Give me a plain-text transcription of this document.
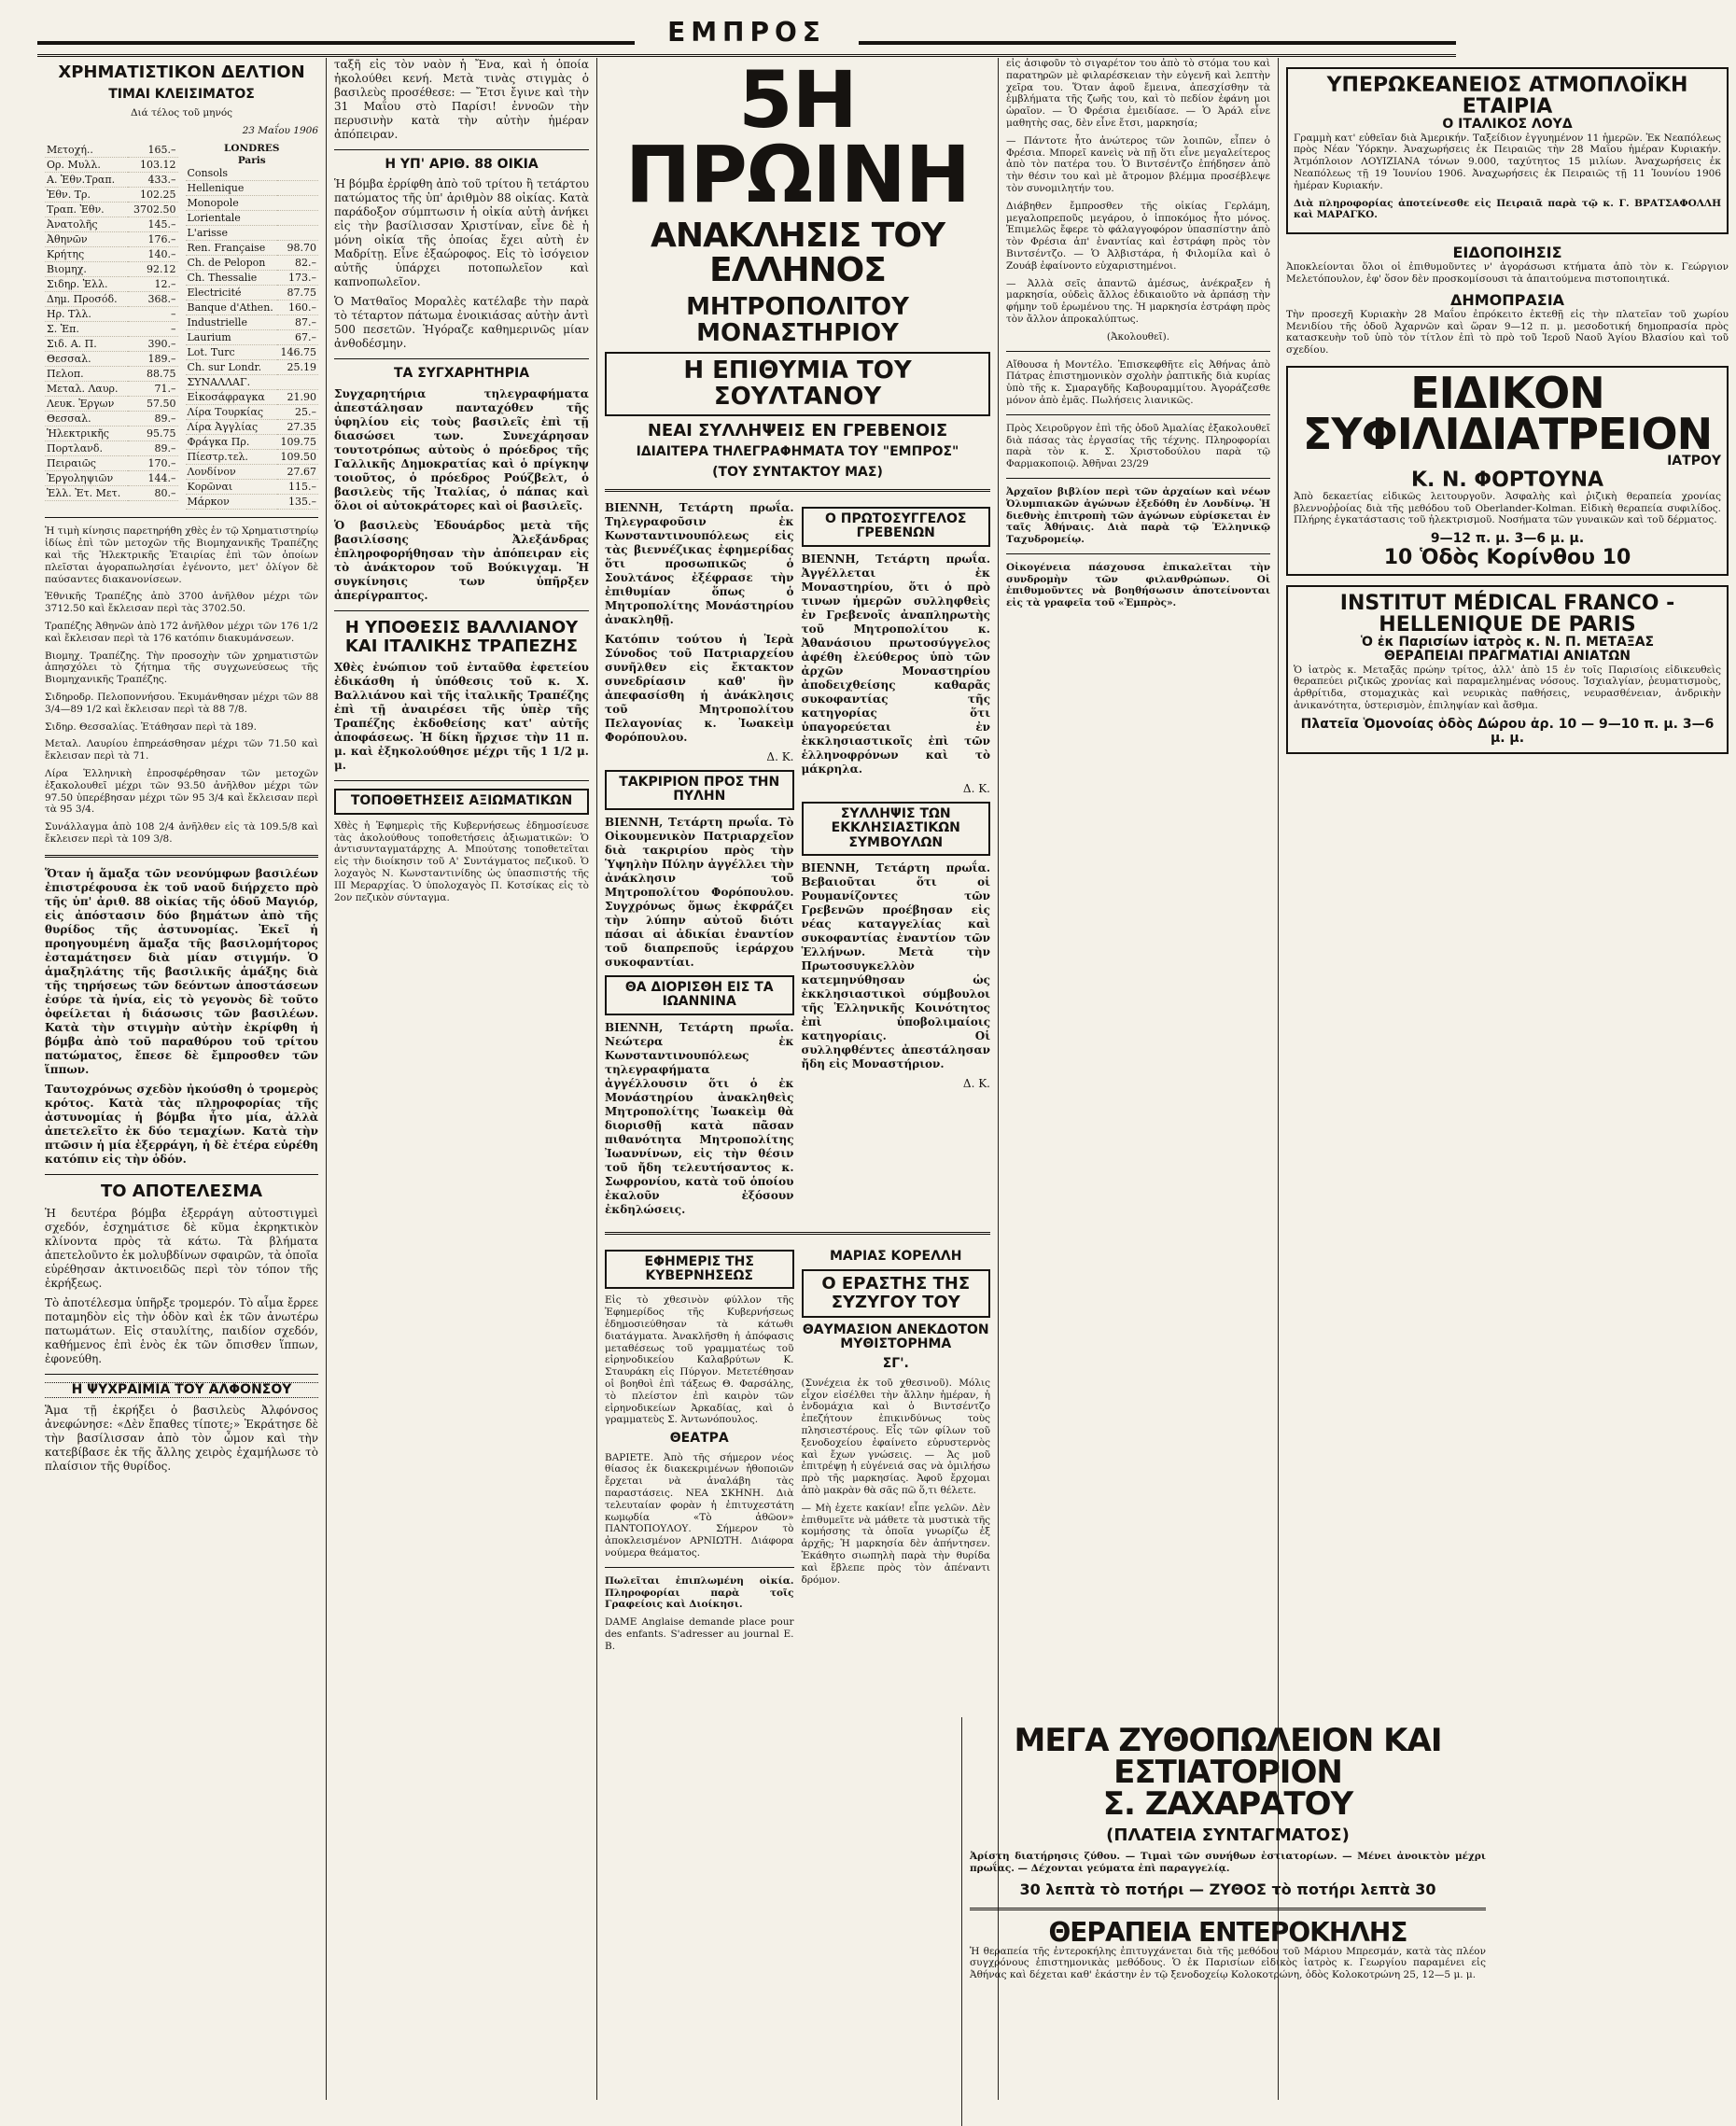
ΕΜΠΡΟΣ
ΧΡΗΜΑΤΙΣΤΙΚΟΝ ΔΕΛΤΙΟΝ
ΤΙΜΑΙ ΚΛΕΙΣΙΜΑΤΟΣ

Διά τέλος τοῦ μηνός

23 Μαΐου 1906

Μετοχή..	165.–
Ορ. Μυλλ.	103.12
Α. Ἐθν.Τραπ.	433.–
Ἐθν. Τρ.	102.25
Τραπ. Ἐθν.	3702.50
Ἀνατολῆς	145.–
Ἀθηνῶν	176.–
Κρήτης	140.–
Βιομηχ.	92.12
Σιδηρ. Ἑλλ.	12.–
Δημ. Προσόδ.	368.–
Ηρ. Τλλ.	–
Σ. Ἐπ.	–
Σιδ. Α. Π.	390.–
Θεσσαλ.	189.–
Πελοπ.	88.75
Μεταλ. Λαυρ.	71.–
Λευκ. Ἐργων	57.50
Θεσσαλ.	89.–
Ἡλεκτρικῆς	95.75
Πορτλανδ.	89.–
Πειραιῶς	170.–
Ἐργοληψιῶν	144.–
Ἑλλ. Ἐτ. Μετ.	80.–
LONDRES
Paris
Consols	
Hellenique	
Monopole	
Lorientale	
L'arisse	
Ren. Française	98.70
Ch. de Pelopon	82.–
Ch. Thessalie	173.–
Electricité	87.75
Banque d'Athen.	160.–
Industrielle	87.–
Laurium	67.–
Lot. Turc	146.75
Ch. sur Londr.	25.19
ΣΥΝΑΛΛΑΓ.	
Εἰκοσάφραγκα	21.90
Λίρα Τουρκίας	25.–
Λίρα Ἀγγλίας	27.35
Φράγκα Πρ.	109.75
Πίεστρ.τελ.	109.50
Λονδίνον	27.67
Κορῶναι	115.–
Μάρκον	135.–

Ἡ τιμὴ κίνησις παρετηρήθη χθὲς ἐν τῷ Χρηματιστηρίῳ ἰδίως ἐπὶ τῶν μετοχῶν τῆς Βιομηχανικῆς Τραπέζης καὶ τῆς Ἡλεκτρικῆς Ἑταιρίας ἐπὶ τῶν ὁποίων πλεῖσται ἀγοραπωλησίαι ἐγένοντο, μετ' ὀλίγον δὲ παύσαντες διακανονίσεων.

Ἐθνικῆς Τραπέζης ἀπὸ 3700 ἀνῆλθον μέχρι τῶν 3712.50 καὶ ἔκλεισαν περὶ τὰς 3702.50.

Τραπέζης Ἀθηνῶν ἀπὸ 172 ἀνῆλθον μέχρι τῶν 176 1/2 καὶ ἔκλεισαν περὶ τὰ 176 κατόπιν διακυμάνσεων.

Βιομηχ. Τραπέζης. Τὴν προσοχὴν τῶν χρηματιστῶν ἀπησχόλει τὸ ζήτημα τῆς συγχωνεύσεως τῆς Βιομηχανικῆς Τραπέζης.

Σιδηροδρ. Πελοποννήσου. Ἐκυμάνθησαν μέχρι τῶν 88 3/4—89 1/2 καὶ ἔκλεισαν περὶ τὰ 88 7/8.

Σιδηρ. Θεσσαλίας. Ἐτάθησαν περὶ τὰ 189.

Μεταλ. Λαυρίου ἐπηρεάσθησαν μέχρι τῶν 71.50 καὶ ἔκλεισαν περὶ τὰ 71.

Λίρα Ἑλληνικὴ ἐπροσφέρθησαν τῶν μετοχῶν ἐξακολουθεῖ μέχρι τῶν 93.50 ἀνῆλθον μέχρι τῶν 97.50 ὑπερέβησαν μέχρι τῶν 95 3/4 καὶ ἔκλεισαν περὶ τὰ 95 3/4.

Συνάλλαγμα ἀπὸ 108 2/4 ἀνῆλθεν εἰς τὰ 109.5/8 καὶ ἔκλεισεν περὶ τὰ 109 3/8.

Ὅταν ἡ ἅμαξα τῶν νεονύμφων βασιλέων ἐπιστρέφουσα ἐκ τοῦ ναοῦ διήρχετο πρὸ τῆς ὑπ' ἀριθ. 88 οἰκίας τῆς ὁδοῦ Μαγιόρ, εἰς ἀπόστασιν δύο βημάτων ἀπὸ τῆς θυρίδος τῆς ἀστυνομίας. Ἐκεῖ ἡ προηγουμένη ἅμαξα τῆς βασιλομήτορος ἐσταμάτησεν διὰ μίαν στιγμήν. Ὁ ἁμαξηλάτης τῆς βασιλικῆς ἁμάξης διὰ τῆς τηρήσεως τῶν δεόντων ἀποστάσεων ἐσύρε τὰ ἡνία, εἰς τὸ γεγονὸς δὲ τοῦτο ὀφείλεται ἡ διάσωσις τῶν βασιλέων. Κατὰ τὴν στιγμὴν αὐτὴν ἐκρίφθη ἡ βόμβα ἀπὸ τοῦ παραθύρου τοῦ τρίτου πατώματος, ἔπεσε δὲ ἔμπροσθεν τῶν ἵππων.

Ταυτοχρόνως σχεδὸν ἠκούσθη ὁ τρομερὸς κρότος. Κατὰ τὰς πληροφορίας τῆς ἀστυνομίας ἡ βόμβα ἦτο μία, ἀλλὰ ἀπετελεῖτο ἐκ δύο τεμαχίων. Κατὰ τὴν πτῶσιν ἡ μία ἐξερράγη, ἡ δὲ ἑτέρα εὑρέθη κατόπιν εἰς τὴν ὁδόν.

ΤΟ ΑΠΟΤΕΛΕΣΜΑ

Ἡ δευτέρα βόμβα ἐξερράγη αὐτοστιγμεὶ σχεδόν, ἐσχημάτισε δὲ κῦμα ἐκρηκτικὸν κλίνοντα πρὸς τὰ κάτω. Τὰ βλήματα ἀπετελοῦντο ἐκ μολυβδίνων σφαιρῶν, τὰ ὁποῖα εὑρέθησαν ἀκτινοειδῶς περὶ τὸν τόπον τῆς ἐκρήξεως.

Τὸ ἀποτέλεσμα ὑπῆρξε τρομερόν. Τὸ αἷμα ἔρρεε ποταμηδὸν εἰς τὴν ὁδὸν καὶ ἐκ τῶν ἀνωτέρω πατωμάτων. Εἰς σταυλίτης, παιδίον σχεδόν, καθήμενος ἐπὶ ἑνὸς ἐκ τῶν ὄπισθεν ἵππων, ἐφονεύθη.

Η ΨΥΧΡΑΙΜΙΑ ΤΟΥ ΑΛΦΟΝΣΟΥ

Ἅμα τῇ ἐκρήξει ὁ βασιλεὺς Ἀλφόνσος ἀνεφώνησε: «Δὲν ἔπαθες τίποτε;» Ἐκράτησε δὲ τὴν βασίλισσαν ἀπὸ τὸν ὦμον καὶ τὴν κατεβίβασε ἐκ τῆς ἄλλης χειρὸς ἐχαμήλωσε τὸ πλαίσιον τῆς θυρίδος.

ταξῆ εἰς τὸν ναὸν ἡ Ἔνα, καὶ ἡ ὁποία ἠκολούθει κενή. Μετὰ τινὰς στιγμὰς ὁ βασιλεὺς προσέθεσε: — Ἔτσι ἔγινε καὶ τὴν 31 Μαΐου στὸ Παρίσι! ἐννοῶν τὴν περυσινὴν κατὰ τὴν αὐτὴν ἡμέραν ἀπόπειραν.

Η ΥΠ' ΑΡΙΘ. 88 ΟΙΚΙΑ

Ἡ βόμβα ἐρρίφθη ἀπὸ τοῦ τρίτου ἢ τετάρτου πατώματος τῆς ὑπ' ἀριθμὸν 88 οἰκίας. Κατὰ παράδοξον σύμπτωσιν ἡ οἰκία αὐτὴ ἀνήκει εἰς τὴν βασίλισσαν Χριστίναν, εἶνε δὲ ἡ μόνη οἰκία τῆς ὁποίας ἔχει αὐτὴ ἐν Μαδρίτῃ. Εἶνε ἐξαώροφος. Εἰς τὸ ἰσόγειον αὐτῆς ὑπάρχει ποτοπωλεῖον καὶ καπνοπωλεῖον.

Ὁ Ματθαῖος Μοραλὲς κατέλαβε τὴν παρὰ τὸ τέταρτον πάτωμα ἐνοικιάσας αὐτὴν ἀντὶ 500 πεσετῶν. Ἡγόραζε καθημερινῶς μίαν ἀνθοδέσμην.

ΤΑ ΣΥΓΧΑΡΗΤΗΡΙΑ

Συγχαρητήρια τηλεγραφήματα ἀπεστάλησαν πανταχόθεν τῆς ὑφηλίου εἰς τοὺς βασιλεῖς ἐπὶ τῇ διασώσει των. Συνεχάρησαν τουτοτρόπως αὐτοὺς ὁ πρόεδρος τῆς Γαλλικῆς Δημοκρατίας καὶ ὁ πρίγκηψ τοιοῦτος, ὁ πρόεδρος Ρούζβελτ, ὁ βασιλεὺς τῆς Ἰταλίας, ὁ πάπας καὶ ὅλοι οἱ αὐτοκράτορες καὶ οἱ βασιλεῖς.

Ὁ βασιλεὺς Ἐδουάρδος μετὰ τῆς βασιλίσσης Ἀλεξάνδρας ἐπληροφορήθησαν τὴν ἀπόπειραν εἰς τὸ ἀνάκτορον τοῦ Βούκιγχαμ. Ἡ συγκίνησις των ὑπῆρξεν ἀπερίγραπτος.

Η ΥΠΟΘΕΣΙΣ ΒΑΛΛΙΑΝΟΥ ΚΑΙ ΙΤΑΛΙΚΗΣ ΤΡΑΠΕΖΗΣ

Χθὲς ἐνώπιον τοῦ ἐνταῦθα ἐφετείου ἐδικάσθη ἡ ὑπόθεσις τοῦ κ. Χ. Βαλλιάνου καὶ τῆς ἰταλικῆς Τραπέζης ἐπὶ τῇ ἀναιρέσει τῆς ὑπὲρ τῆς Τραπέζης ἐκδοθείσης κατ' αὐτῆς ἀποφάσεως. Ἡ δίκη ἤρχισε τὴν 11 π. μ. καὶ ἐξηκολούθησε μέχρι τῆς 1 1/2 μ. μ.

ΤΟΠΟΘΕΤΗΣΕΙΣ ΑΞΙΩΜΑΤΙΚΩΝ

Χθὲς ἡ Ἐφημερὶς τῆς Κυβερνήσεως ἐδημοσίευσε τὰς ἀκολούθους τοποθετήσεις ἀξιωματικῶν: Ὁ ἀντισυνταγματάρχης Α. Μπούτσης τοποθετεῖται εἰς τὴν διοίκησιν τοῦ Α' Συντάγματος πεζικοῦ. Ὁ λοχαγὸς Ν. Κωνσταντινίδης ὡς ὑπασπιστής τῆς ΙΙΙ Μεραρχίας. Ὁ ὑπολοχαγὸς Π. Κοτσίκας εἰς τὸ 2ον πεζικὸν σύνταγμα.

5Η ΠΡΩΙΝΗ
ΑΝΑΚΛΗΣΙΣ ΤΟΥ ΕΛΛΗΝΟΣ
ΜΗΤΡΟΠΟΛΙΤΟΥ ΜΟΝΑΣΤΗΡΙΟΥ
Η ΕΠΙΘΥΜΙΑ ΤΟΥ ΣΟΥΛΤΑΝΟΥ
ΝΕΑΙ ΣΥΛΛΗΨΕΙΣ ΕΝ ΓΡΕΒΕΝΟΙΣ
ΙΔΙΑΙΤΕΡΑ ΤΗΛΕΓΡΑΦΗΜΑΤΑ ΤΟΥ "ΕΜΠΡΟΣ"
(ΤΟΥ ΣΥΝΤΑΚΤΟΥ ΜΑΣ)

ΒΙΕΝΝΗ, Τετάρτη πρωΐα. Τηλεγραφοῦσιν ἐκ Κωνσταντινουπόλεως εἰς τὰς βιεννέζικας ἐφημερίδας ὅτι προσωπικῶς ὁ Σουλτάνος ἐξέφρασε τὴν ἐπιθυμίαν ὅπως ὁ Μητροπολίτης Μονάστηρίου ἀνακληθῇ.

Κατόπιν τούτου ἡ Ἱερὰ Σύνοδος τοῦ Πατριαρχείου συνῆλθεν εἰς ἔκτακτον συνεδρίασιν καθ' ἣν ἀπεφασίσθη ἡ ἀνάκλησις τοῦ Μητροπολίτου Πελαγονίας κ. Ἰωακεὶμ Φορόπουλου.

Δ. Κ.

ΤΑΚΡΙΡΙΟΝ ΠΡΟΣ ΤΗΝ ΠΥΛΗΝ

ΒΙΕΝΝΗ, Τετάρτη πρωΐα. Τὸ Οἰκουμενικὸν Πατριαρχεῖον διὰ τακριρίου πρὸς τὴν Ὑψηλὴν Πύλην ἀγγέλλει τὴν ἀνάκλησιν τοῦ Μητροπολίτου Φορόπουλου. Συγχρόνως ὅμως ἐκφράζει τὴν λύπην αὐτοῦ διότι πάσαι αἱ ἀδικίαι ἐναντίον τοῦ διαπρεποῦς ἱεράρχου συκοφαντίαι.

ΘΑ ΔΙΟΡΙΣΘΗ ΕΙΣ ΤΑ ΙΩΑΝΝΙΝΑ

ΒΙΕΝΝΗ, Τετάρτη πρωΐα. Νεώτερα ἐκ Κωνσταντινουπόλεως τηλεγραφήματα ἀγγέλλουσιν ὅτι ὁ ἐκ Μονάστηρίου ἀνακληθεὶς Μητροπολίτης Ἰωακεὶμ θὰ διορισθῇ κατὰ πᾶσαν πιθανότητα Μητροπολίτης Ἰωαννίνων, εἰς τὴν θέσιν τοῦ ἤδη τελευτήσαντος κ. Σωφρονίου, κατὰ τοῦ ὁποίου ἐκαλοῦν ἐξόσουν ἐκδηλώσεις.

Ο ΠΡΩΤΟΣΥΓΓΕΛΟΣ ΓΡΕΒΕΝΩΝ

ΒΙΕΝΝΗ, Τετάρτη πρωΐα. Ἀγγέλλεται ἐκ Μοναστηρίου, ὅτι ὁ πρὸ τινων ἡμερῶν συλληφθεὶς ἐν Γρεβενοῖς ἀναπληρωτὴς τοῦ Μητροπολίτου κ. Ἀθανάσιου πρωτοσύγγελος ἀφέθη ἐλεύθερος ὑπὸ τῶν ἀρχῶν Μοναστηρίου ἀποδειχθείσης καθαρᾶς συκοφαντίας τῆς κατηγορίας ὅτι ὑπαγορεύεται ἐν ἐκκλησιαστικοῖς ἐπὶ τῶν ἑλληνοφρόνων καὶ τὸ μάκρηλα.

Δ. Κ.

ΣΥΛΛΗΨΙΣ ΤΩΝ ΕΚΚΛΗΣΙΑΣΤΙΚΩΝ ΣΥΜΒΟΥΛΩΝ

ΒΙΕΝΝΗ, Τετάρτη πρωΐα. Βεβαιοῦται ὅτι οἱ Ρουμανίζοντες τῶν Γρεβενῶν προέβησαν εἰς νέας καταγγελίας καὶ συκοφαντίας ἐναντίον τῶν Ἑλλήνων. Μετὰ τὴν Πρωτοσυγκελλὸν κατεμηνύθησαν ὡς ἐκκλησιαστικοὶ σύμβουλοι τῆς Ἑλληνικῆς Κοινότητος ἐπὶ ὑποβολιμαίοις κατηγορίαις. Οἱ συλληφθέντες ἀπεστάλησαν ἤδη εἰς Μοναστήριον.

Δ. Κ.

ΕΦΗΜΕΡΙΣ ΤΗΣ ΚΥΒΕΡΝΗΣΕΩΣ

Εἰς τὸ χθεσινὸν φύλλον τῆς Ἐφημερίδος τῆς Κυβερνήσεως ἐδημοσιεύθησαν τὰ κάτωθι διατάγματα. Ἀνακλῆσθη ἡ ἀπόφασις μεταθέσεως τοῦ γραμματέως τοῦ εἰρηνοδικείου Καλαβρύτων Κ. Σταυράκη εἰς Πύργον. Μετετέθησαν οἱ βοηθοὶ ἐπὶ τάξεως Θ. Φαρσάλης, τὸ πλείστον ἐπὶ καιρὸν τῶν εἰρηνοδικείων Ἀρκαδίας, καὶ ὁ γραμματεὺς Σ. Ἀντωνόπουλος.

ΘΕΑΤΡΑ

ΒΑΡΙΕΤΕ. Ἀπὸ τῆς σήμερον νέος θίασος ἐκ διακεκριμένων ἠθοποιῶν ἔρχεται νὰ ἀναλάβη τὰς παραστάσεις. ΝΕΑ ΣΚΗΝΗ. Διὰ τελευταίαν φορὰν ἡ ἐπιτυχεστάτη κωμῳδία «Τὸ ἀθῶον» ΠΑΝΤΟΠΟΥΛΟΥ. Σήμερον τὸ ἀποκλεισμένον ΑΡΝΙΩΤΗ. Διάφορα νούμερα θεάματος.

Πωλεῖται ἐπιπλωμένη οἰκία. Πληροφορίαι παρὰ τοῖς Γραφείοις καὶ Διοίκησι.

DAME Anglaise demande place pour des enfants. S'adresser au journal E. B.

ΜΑΡΙΑΣ ΚΟΡΕΛΛΗ
Ο ΕΡΑΣΤΗΣ ΤΗΣ ΣΥΖΥΓΟΥ ΤΟΥ
ΘΑΥΜΑΣΙΟΝ ΑΝΕΚΔΟΤΟΝ ΜΥΘΙΣΤΟΡΗΜΑ
ΣΓ'.

(Συνέχεια ἐκ τοῦ χθεσινοῦ). Μόλις εἶχον εἰσέλθει τὴν ἄλλην ἡμέραν, ἡ ἐνδομάχια καὶ ὁ Βιντσέντζο ἐπεζήτουν ἐπικινδύνως τοὺς πλησιεστέρους. Εἷς τῶν φίλων τοῦ ξενοδοχείου ἐφαίνετο εὐρυστερνὸς καὶ ἔχων γνώσεις. — Ἀς μοῦ ἐπιτρέψῃ ἡ εὐγένειά σας νὰ ὁμιλήσω πρὸ τῆς μαρκησίας. Ἀφοῦ ἔρχομαι ἀπὸ μακρὰν θὰ σᾶς πῶ ὅ,τι θέλετε.

— Μὴ ἐχετε κακίαν! εἶπε γελῶν. Δὲν ἐπιθυμεῖτε νὰ μάθετε τὰ μυστικὰ τῆς κομήσσης τὰ ὁποῖα γνωρίζω ἐξ ἀρχῆς; Ἡ μαρκησία δὲν ἀπήντησεν. Ἐκάθητο σιωπηλὴ παρὰ τὴν θυρίδα καὶ ἔβλεπε πρὸς τὸν ἀπέναντι δρόμον.

εἰς ἀσιφοῦν τὸ σιγαρέτον του ἀπὸ τὸ στόμα του καὶ παρατηρῶν μὲ φιλαρέσκειαν τὴν εὐγενῆ καὶ λεπτὴν χεῖρα του. Ὅταν ἀφοῦ ἔμεινα, ἀπεσχίσθην τὰ ἐμβλήματα τῆς ζωῆς του, καὶ τὸ πεδίον ἐφάνη μοι ὡραῖον. — Ὁ Φρέσια ἐμειδίασε. — Ὁ Ἀράλ εἶνε μαθητὴς σας, δὲν εἶνε ἔτσι, μαρκησία;

— Πάντοτε ἦτο ἀνώτερος τῶν λοιπῶν, εἶπεν ὁ Φρέσια. Μπορεῖ κανεὶς νὰ πῇ ὅτι εἶνε μεγαλείτερος ἀπὸ τὸν πατέρα του. Ὁ Βιντσέντζο ἐπήδησεν ἀπὸ τὴν θέσιν του καὶ μὲ ἄτρομον βλέμμα προσέβλεψε τὸν συνομιλητήν του.

Διάβηθεν ἔμπροσθεν τῆς οἰκίας Γερλάμη, μεγαλοπρεποῦς μεγάρου, ὁ ἱπποκόμος ἦτο μόνος. Ἐπιμελῶς ἔφερε τὸ φάλαγγοφόρον ὑπασπίστην ἀπὸ τὸν Φρέσια ἀπ' ἐναντίας καὶ ἐστράφη πρὸς τὸν Βιντσέντζο. — Ὁ Ἀλβιστάρα, ἡ Φιλομίλα καὶ ὁ Ζουάβ ἐφαίνοντο εὐχαριστημένοι.

— Ἀλλὰ σεῖς ἀπαντῶ ἀμέσως, ἀνέκραξεν ἡ μαρκησία, οὐδεὶς ἄλλος ἐδικαιοῦτο νὰ ἀρπάσῃ τὴν φήμην τοῦ ἐρωμένου της. Ἡ μαρκησία ἐστράφη πρὸς τὸν ἄλλον ἀπροκαλύπτως.

(Ἀκολουθεῖ).

Αἴθουσα ἡ Μοντέλο. Ἐπισκεφθῆτε εἰς Ἀθήνας ἀπὸ Πάτρας ἐπιστημονικὸν σχολὴν ῥαπτικῆς διὰ κυρίας ὑπὸ τῆς κ. Σμαραγδῆς Καβουραμμίτου. Ἀγοράζεσθε μόνον ἀπὸ ἐμᾶς. Πωλήσεις λιανικῶς.

Πρὸς Χειροῦργον ἐπὶ τῆς ὁδοῦ Ἀμαλίας ἐξακολουθεῖ διὰ πάσας τὰς ἐργασίας τῆς τέχνης. Πληροφορίαι παρὰ τὸν κ. Σ. Χριστοδούλου παρὰ τῷ Φαρμακοποιῷ. Ἀθῆναι 23/29

Ἀρχαῖον βιβλίον περὶ τῶν ἀρχαίων καὶ νέων Ὀλυμπιακῶν ἀγώνων ἐξεδόθη ἐν Λονδίνῳ. Ἡ διεθνὴς ἐπιτροπὴ τῶν ἀγώνων εὑρίσκεται ἐν ταῖς Ἀθήναις. Διὰ παρὰ τῷ Ἑλληνικῷ Ταχυδρομείῳ.

Οἰκογένεια πάσχουσα ἐπικαλεῖται τὴν συνδρομὴν τῶν φιλανθρώπων. Οἱ ἐπιθυμοῦντες νὰ βοηθήσωσιν ἀποτείνονται εἰς τὰ γραφεῖα τοῦ «Ἐμπρὸς».

ΥΠΕΡΩΚΕΑΝΕΙΟΣ ΑΤΜΟΠΛΟΪΚΗ ΕΤΑΙΡΙΑ
Ο ΙΤΑΛΙΚΟΣ ΛΟΥΔ

Γραμμὴ κατ' εὐθεῖαν διὰ Ἀμερικήν. Ταξείδιον ἐγγυημένον 11 ἡμερῶν. Ἐκ Νεαπόλεως πρὸς Νέαν Ὑόρκην. Ἀναχωρήσεις ἐκ Πειραιῶς τὴν 28 Μαΐου ἡμέραν Κυριακήν. Ἀτμόπλοιον ΛΟΥΙΖΙΑΝΑ τόνων 9.000, ταχύτητος 15 μιλίων. Ἀναχωρήσεις ἐκ Νεαπόλεως τῇ 19 Ἰουνίου 1906. Ἀναχωρήσεις ἐκ Πειραιῶς τῇ 11 Ἰουνίου 1906 ἡμέραν Κυριακήν.

Διὰ πληροφορίας ἀποτείνεσθε εἰς Πειραιᾶ παρὰ τῷ κ. Γ. ΒΡΑΤΣΑΦΟΛΛΗ καὶ ΜΑΡΑΓΚΟ.

ΕΙΔΟΠΟΙΗΣΙΣ

Ἀποκλείονται ὅλοι οἱ ἐπιθυμοῦντες ν' ἀγοράσωσι κτήματα ἀπὸ τὸν κ. Γεώργιον Μελετόπουλον, ἐφ' ὅσον δὲν προσκομίσουσι τὰ ἀπαιτούμενα πιστοποιητικά.

ΔΗΜΟΠΡΑΣΙΑ

Τὴν προσεχῆ Κυριακὴν 28 Μαΐου ἐπρόκειτο ἐκτεθῇ εἰς τὴν πλατεῖαν τοῦ χωρίου Μενιδίου τῆς ὁδοῦ Ἀχαρνῶν καὶ ὥραν 9—12 π. μ. μεσοδοτική δημοπρασία πρὸς κατασκευὴν τοῦ ὑπὸ τὸν τίτλον ἐπὶ τὸ πρὸ τοῦ Ἱεροῦ Ναοῦ Ἁγίου Βλασίου καὶ τοῦ σχεδίου.

ΕΙΔΙΚΟΝ ΣΥΦΙΛΙΔΙΑΤΡΕΙΟΝ
ΙΑΤΡΟΥ
Κ. Ν. ΦΟΡΤΟΥΝΑ

Ἀπὸ δεκαετίας εἰδικῶς λειτουργοῦν. Ἀσφαλὴς καὶ ῥιζικὴ θεραπεία χρονίας βλεννοῤῥοίας διὰ τῆς μεθόδου τοῦ Oberlander-Kolman. Εἰδικὴ θεραπεία συφιλίδος. Πλήρης ἐγκατάστασις τοῦ ἠλεκτρισμοῦ. Νοσήματα τῶν γυναικῶν καὶ τοῦ δέρματος.

9—12 π. μ. 3—6 μ. μ.
10 Ὁδὸς Κορίνθου 10
INSTITUT MÉDICAL FRANCO - HELLENIQUE DE PARIS
Ὁ ἐκ Παρισίων ἰατρὸς κ. Ν. Π. ΜΕΤΑΞΑΣ
ΘΕΡΑΠΕΙΑΙ ΠΡΑΓΜΑΤΙΑΙ ΑΝΙΑΤΩΝ

Ὁ ἰατρὸς κ. Μεταξᾶς πρώην τρίτος, ἀλλ' ἀπὸ 15 ἐν τοῖς Παρισίοις εἰδικευθεὶς θεραπεύει ριζικῶς χρονίας καὶ παραμελημένας νόσους. Ἰσχιαλγίαν, ῥευματισμοὺς, ἀρθρίτιδα, στομαχικὰς καὶ νευρικὰς παθήσεις, νευρασθένειαν, ἀνδρικὴν ἀνικανότητα, ὑστερισμὸν, ἐπιληψίαν καὶ ἄσθμα.

Πλατεῖα Ὁμονοίας ὁδὸς Δώρου ἀρ. 10 — 9—10 π. μ. 3—6 μ. μ.
ΜΕΓΑ ΖΥΘΟΠΩΛΕΙΟΝ ΚΑΙ ΕΣΤΙΑΤΟΡΙΟΝ
Σ. ΖΑΧΑΡΑΤΟΥ
(ΠΛΑΤΕΙΑ ΣΥΝΤΑΓΜΑΤΟΣ)

Ἀρίστη διατήρησις ζύθου. — Τιμαὶ τῶν συνήθων ἐστιατορίων. — Μένει ἀνοικτὸν μέχρι πρωΐας. — Δέχονται γεύματα ἐπὶ παραγγελίᾳ.

30 λεπτὰ τὸ ποτήρι — ΖΥΘΟΣ τὸ ποτήρι λεπτὰ 30
ΘΕΡΑΠΕΙΑ ΕΝΤΕΡΟΚΗΛΗΣ

Ἡ θεραπεία τῆς ἐντεροκήλης ἐπιτυγχάνεται διὰ τῆς μεθόδου τοῦ Μάριου Μπρεσμάν, κατὰ τὰς πλέον συγχρόνους ἐπιστημονικὰς μεθόδους. Ὁ ἐκ Παρισίων εἰδικὸς ἰατρὸς κ. Γεωργίου παραμένει εἰς Ἀθήνας καὶ δέχεται καθ' ἑκάστην ἐν τῷ ξενοδοχείῳ Κολοκοτρώνη, ὁδὸς Κολοκοτρώνη 25, 12—5 μ. μ.
